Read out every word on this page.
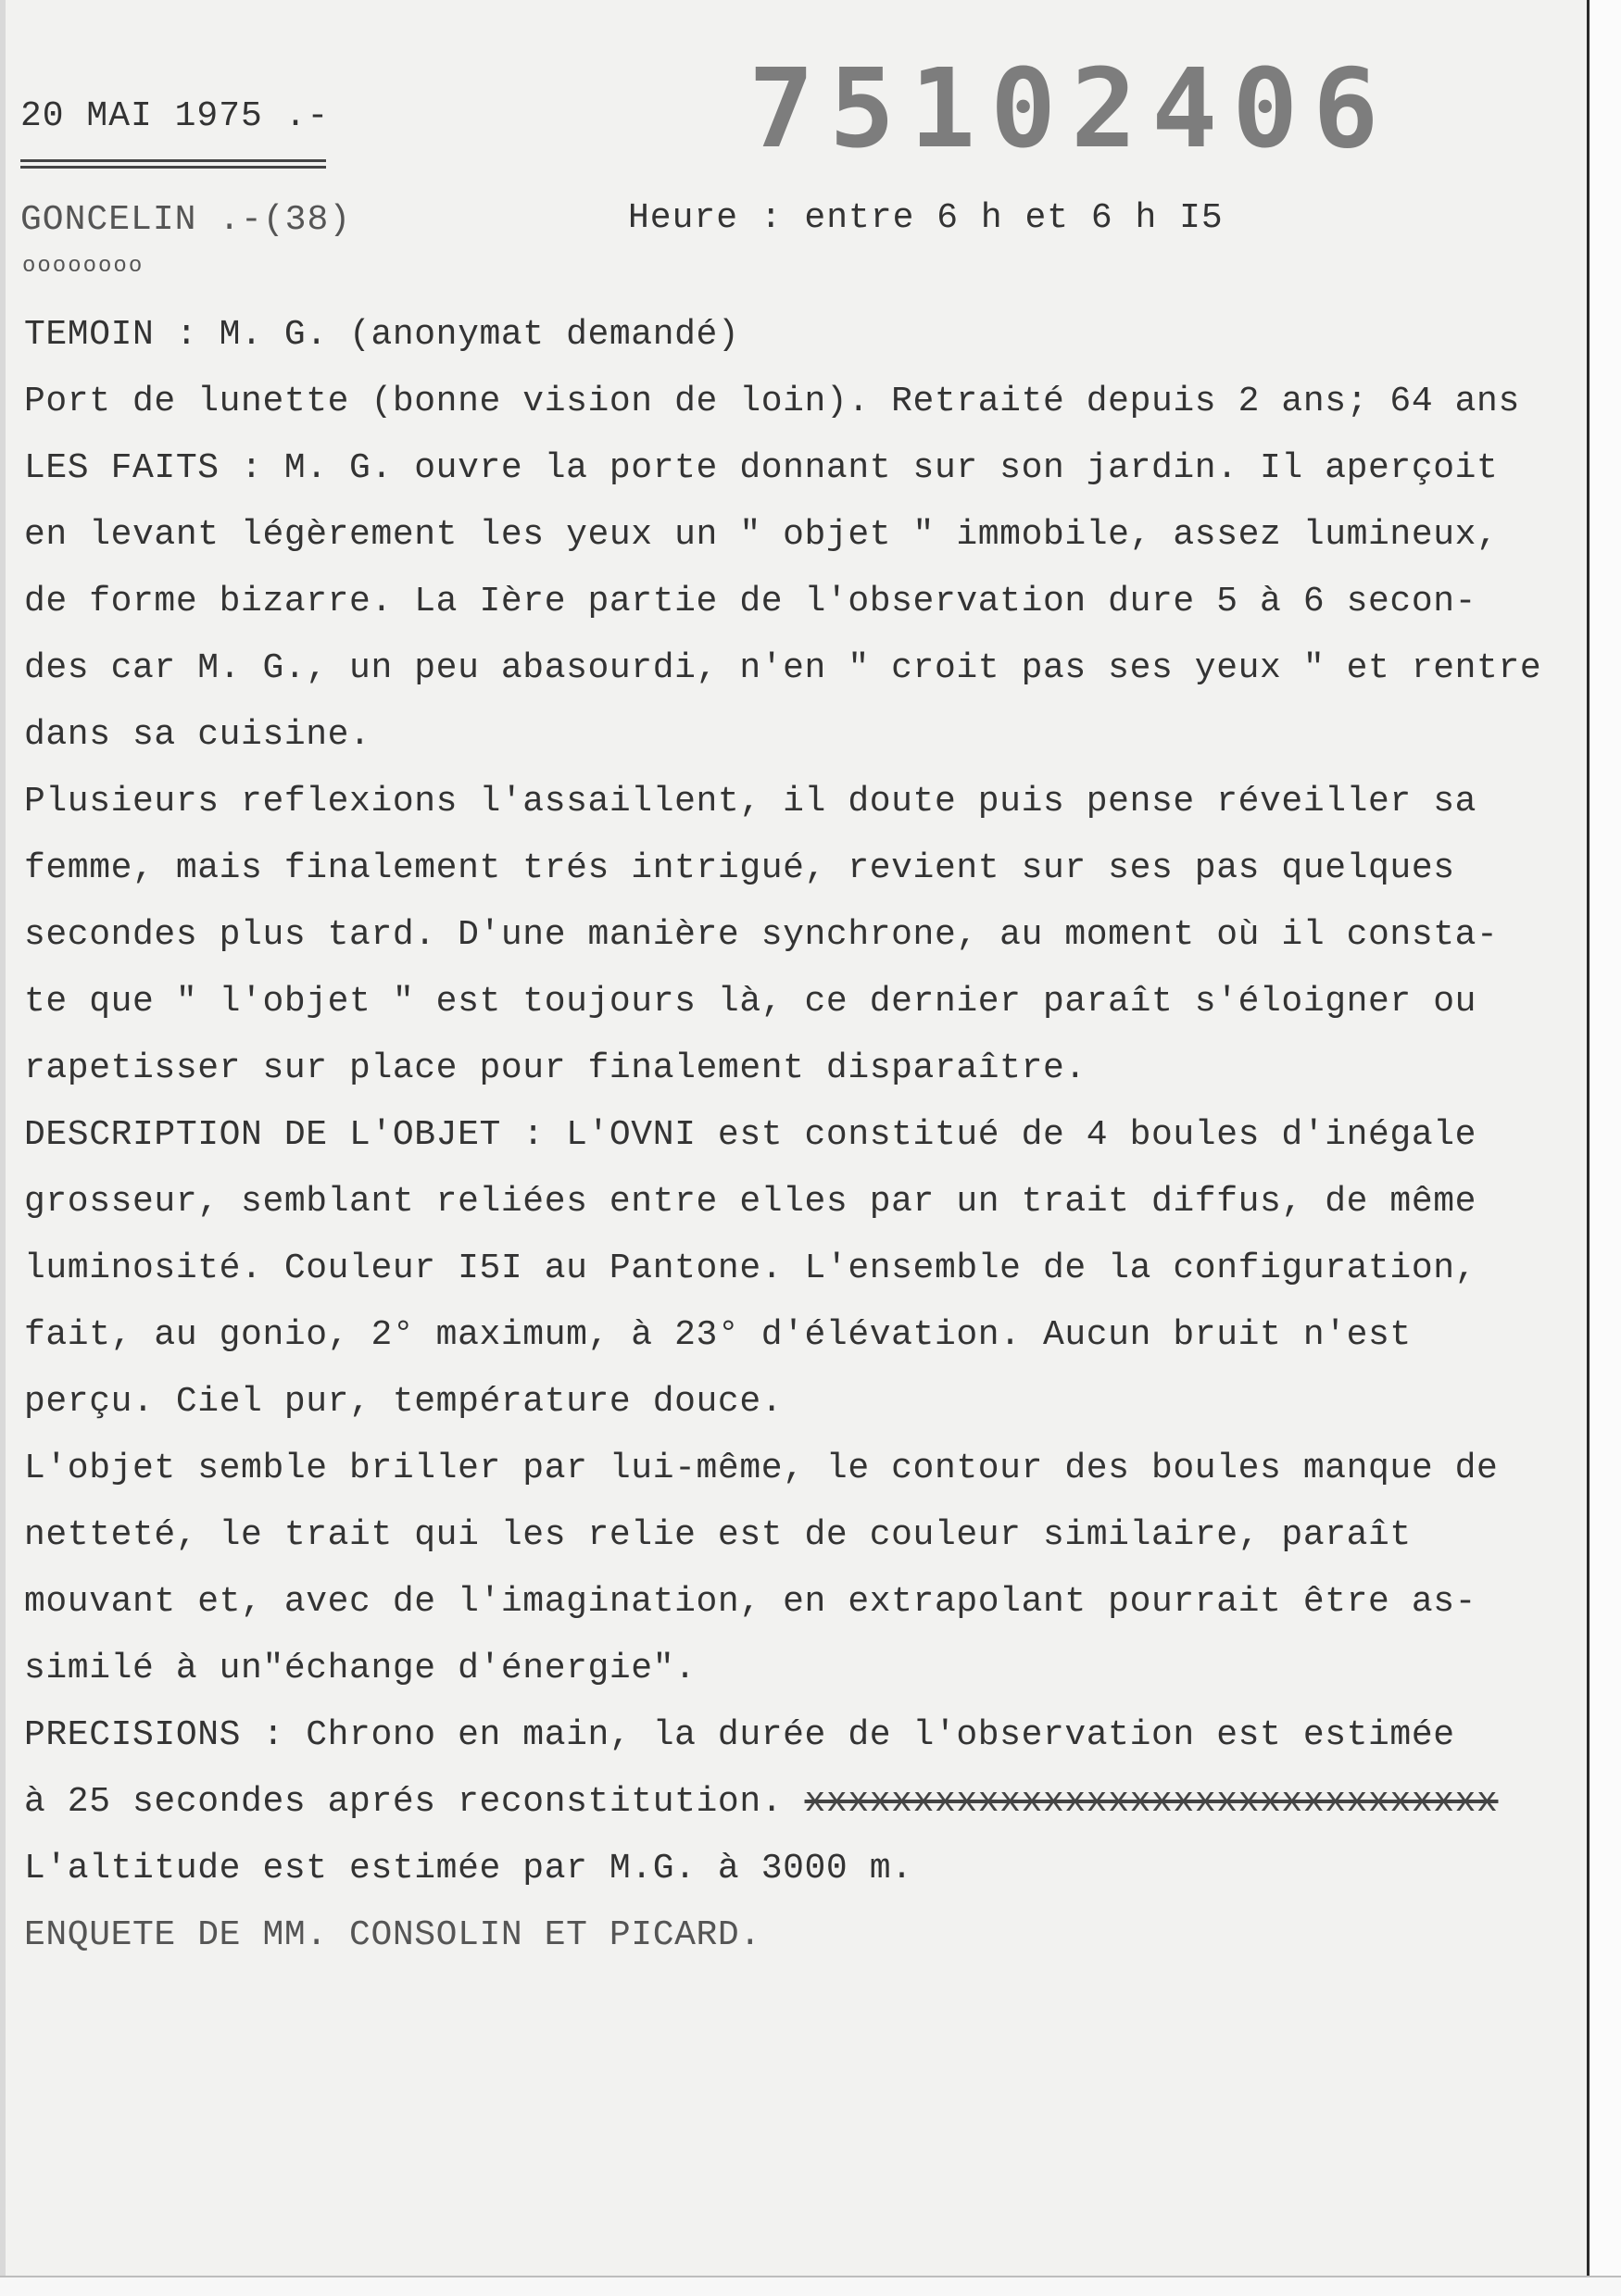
20 MAI 1975 .-	75102406
GONCELIN .-(38)	Heure : entre 6 h et 6 h I5
oooooooo
TEMOIN : M. G. (anonymat demandé)
Port de lunette (bonne vision de loin). Retraité depuis 2 ans; 64 ans
LES FAITS : M. G. ouvre la porte donnant sur son jardin. Il aperçoit
en levant légèrement les yeux un " objet " immobile, assez lumineux,
de forme bizarre. La Ière partie de l'observation dure 5 à 6 secon-
des car M. G., un peu abasourdi, n'en " croit pas ses yeux " et rentre
dans sa cuisine.
Plusieurs reflexions l'assaillent, il doute puis pense réveiller sa
femme, mais finalement trés intrigué, revient sur ses pas quelques
secondes plus tard. D'une manière synchrone, au moment où il consta-
te que " l'objet " est toujours là, ce dernier paraît s'éloigner ou
rapetisser sur place pour finalement disparaître.
DESCRIPTION DE L'OBJET : L'OVNI est constitué de 4 boules d'inégale
grosseur, semblant reliées entre elles par un trait diffus, de même
luminosité. Couleur I5I au Pantone. L'ensemble de la configuration,
fait, au gonio, 2° maximum, à 23° d'élévation. Aucun bruit n'est
perçu. Ciel pur, température douce.
L'objet semble briller par lui-même, le contour des boules manque de
netteté, le trait qui les relie est de couleur similaire, paraît
mouvant et, avec de l'imagination, en extrapolant pourrait être as-
similé à un"échange d'énergie".
PRECISIONS : Chrono en main, la durée de l'observation est estimée
à 25 secondes aprés reconstitution. xxxxxxxxxxxxxxxxxxxxxxxxxxxxxxxx
L'altitude est estimée par M.G. à 3000 m.
ENQUETE DE MM. CONSOLIN ET PICARD.
